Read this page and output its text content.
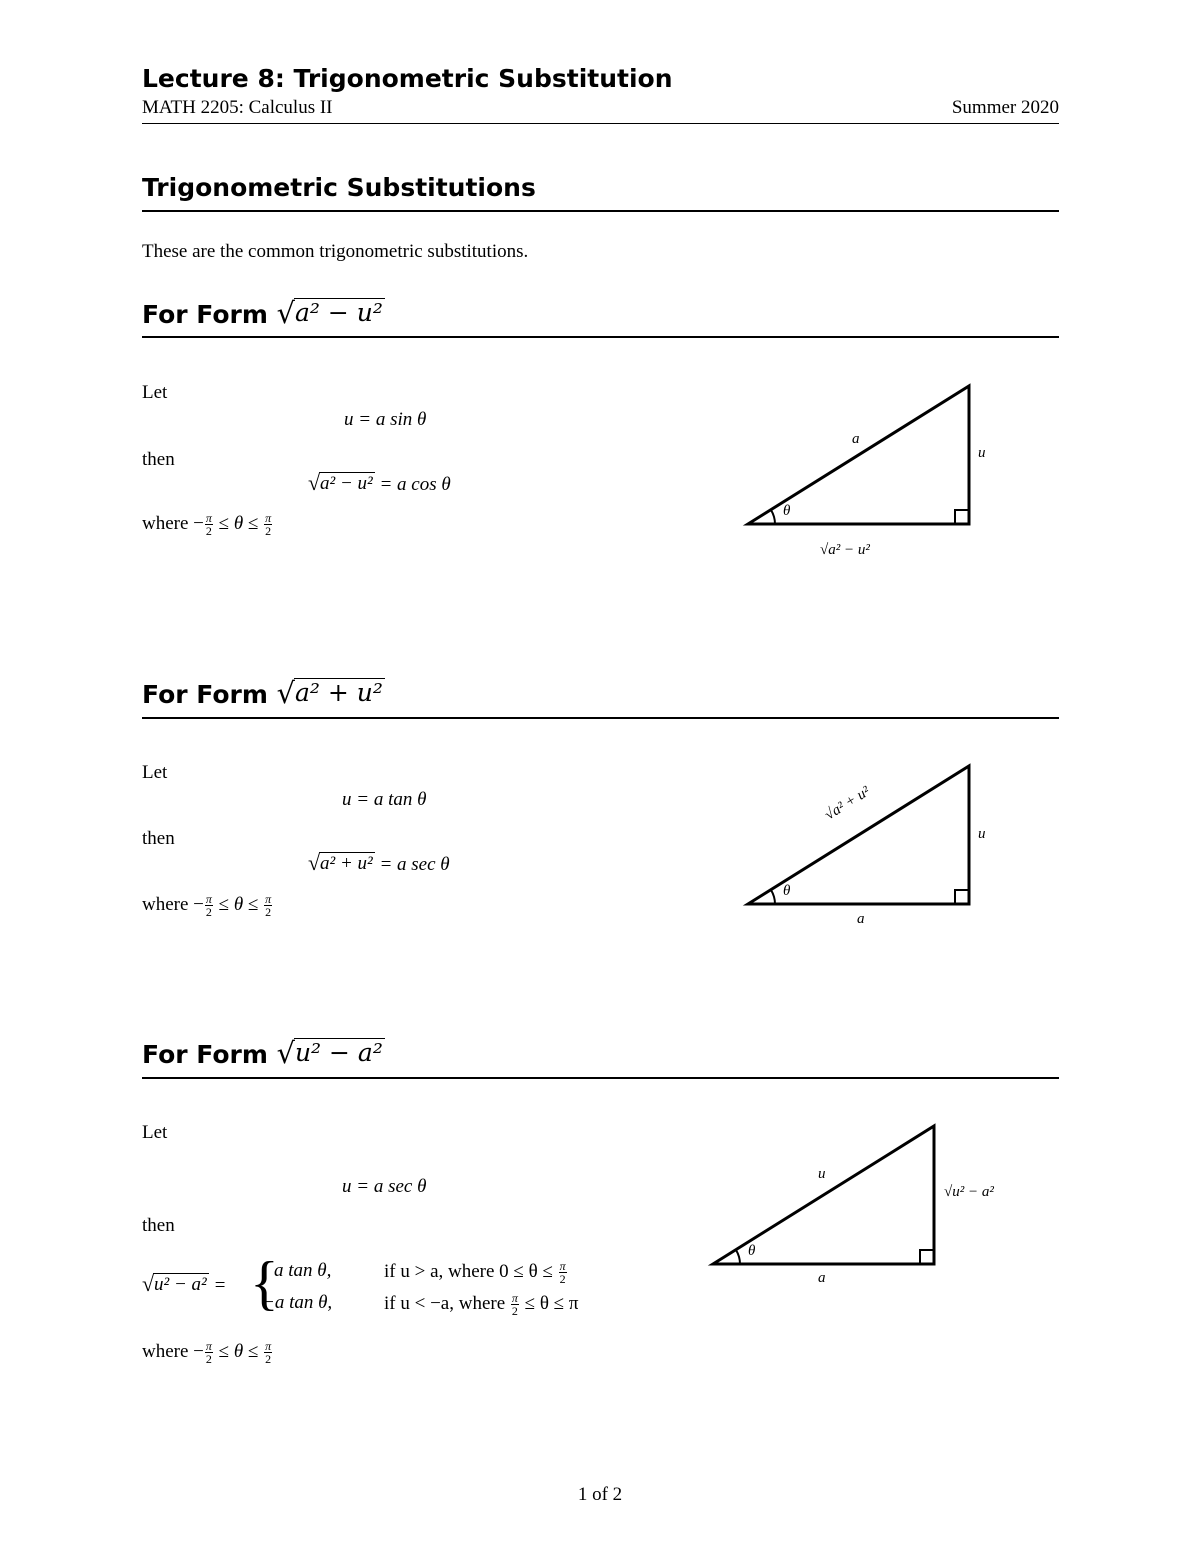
Lecture 8: Trigonometric Substitution
MATH 2205: Calculus II	Summer 2020
Trigonometric Substitutions
These are the common trigonometric substitutions.
For Form √ a² − u²
Let
u = a sin θ
then
√ a² − u² = a cos θ
where − $\frac{\pi}{2} \le \theta \le \frac{\pi}{2}$
a
u
θ
√a² − u²
For Form √ a² + u²
Let
u = a tan θ
then
√ a² + u² = a sec θ
where − $\frac{\pi}{2} \le \theta \le \frac{\pi}{2}$
√a² + u²
u
θ
a
For Form √ u² − a²
Let
u = a sec θ
then
√ u² − a² = {
a tan θ,	if u > a, where $0 \le \theta \le \frac{\pi}{2}$
−a tan θ,	if u < −a, where $\frac{\pi}{2} \le \theta \le \pi$
where − $\frac{\pi}{2} \le \theta \le \frac{\pi}{2}$
u
√u² − a²
θ
a
1 of 2
